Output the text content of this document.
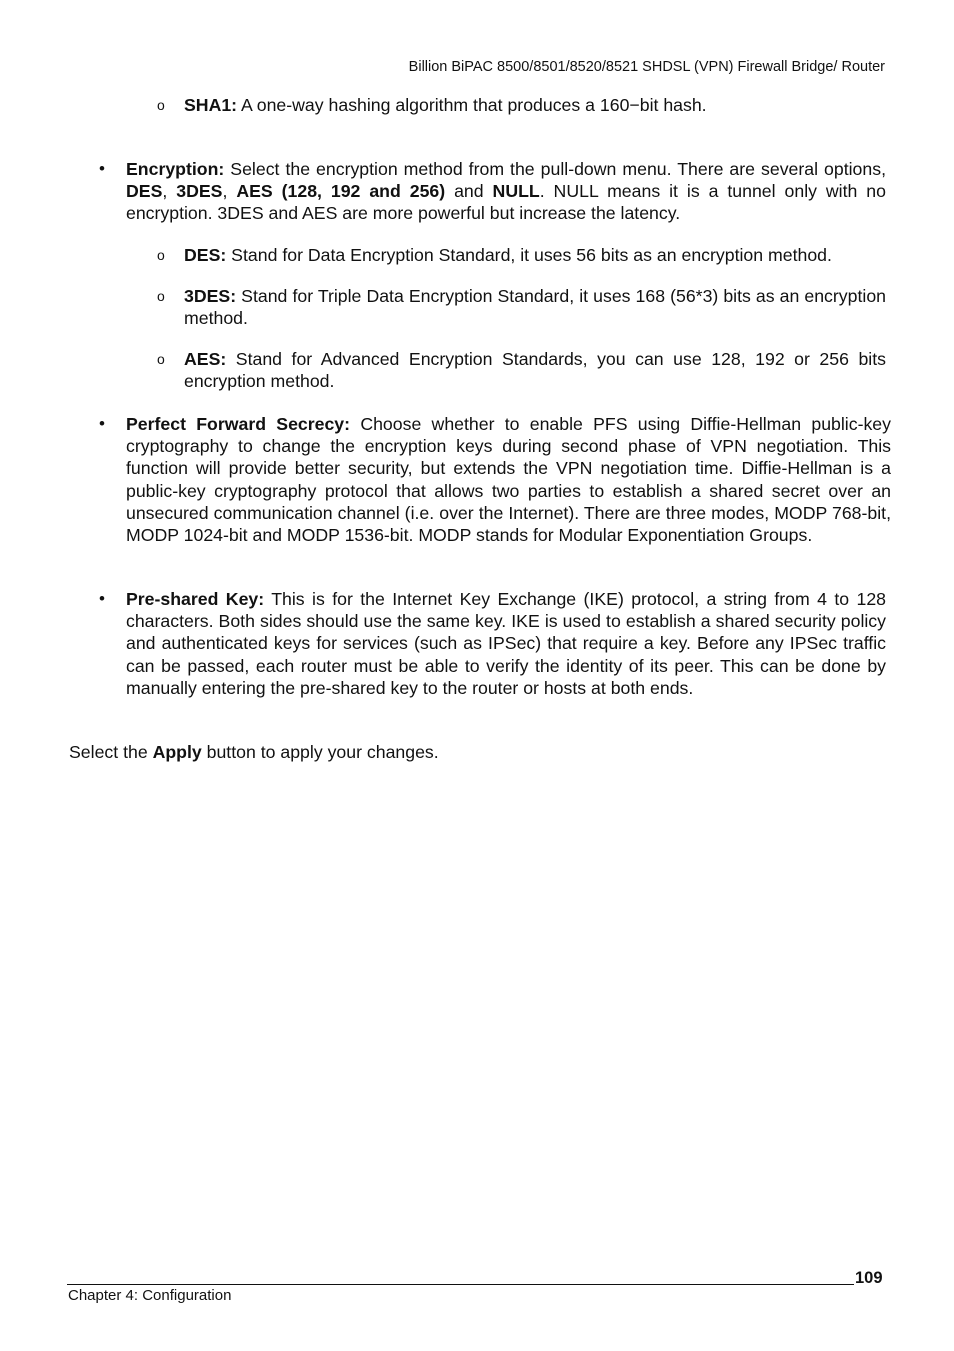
Billion BiPAC 8500/8501/8520/8521 SHDSL (VPN) Firewall Bridge/ Router
o SHA1: A one-way hashing algorithm that produces a 160−bit hash.

• Encryption: Select the encryption method from the pull-down menu. There are several options, DES, 3DES, AES (128, 192 and 256) and NULL. NULL means it is a tunnel only with no encryption. 3DES and AES are more powerful but increase the latency.

o DES: Stand for Data Encryption Standard, it uses 56 bits as an encryption method.

o 3DES: Stand for Triple Data Encryption Standard, it uses 168 (56*3) bits as an encryption method.

o AES: Stand for Advanced Encryption Standards, you can use 128, 192 or 256 bits encryption method.

• Perfect Forward Secrecy: Choose whether to enable PFS using Diffie-Hellman public-key cryptography to change the encryption keys during second phase of VPN negotiation. This function will provide better security, but extends the VPN negotiation time. Diffie-Hellman is a public-key cryptography protocol that allows two parties to establish a shared secret over an unsecured communication channel (i.e. over the Internet). There are three modes, MODP 768-bit, MODP 1024-bit and MODP 1536-bit. MODP stands for Modular Exponentiation Groups.

• Pre-shared Key: This is for the Internet Key Exchange (IKE) protocol, a string from 4 to 128 characters. Both sides should use the same key. IKE is used to establish a shared security policy and authenticated keys for services (such as IPSec) that require a key. Before any IPSec traffic can be passed, each router must be able to verify the identity of its peer. This can be done by manually entering the pre-shared key to the router or hosts at both ends.

Select the Apply button to apply your changes.

109
Chapter 4: Configuration
